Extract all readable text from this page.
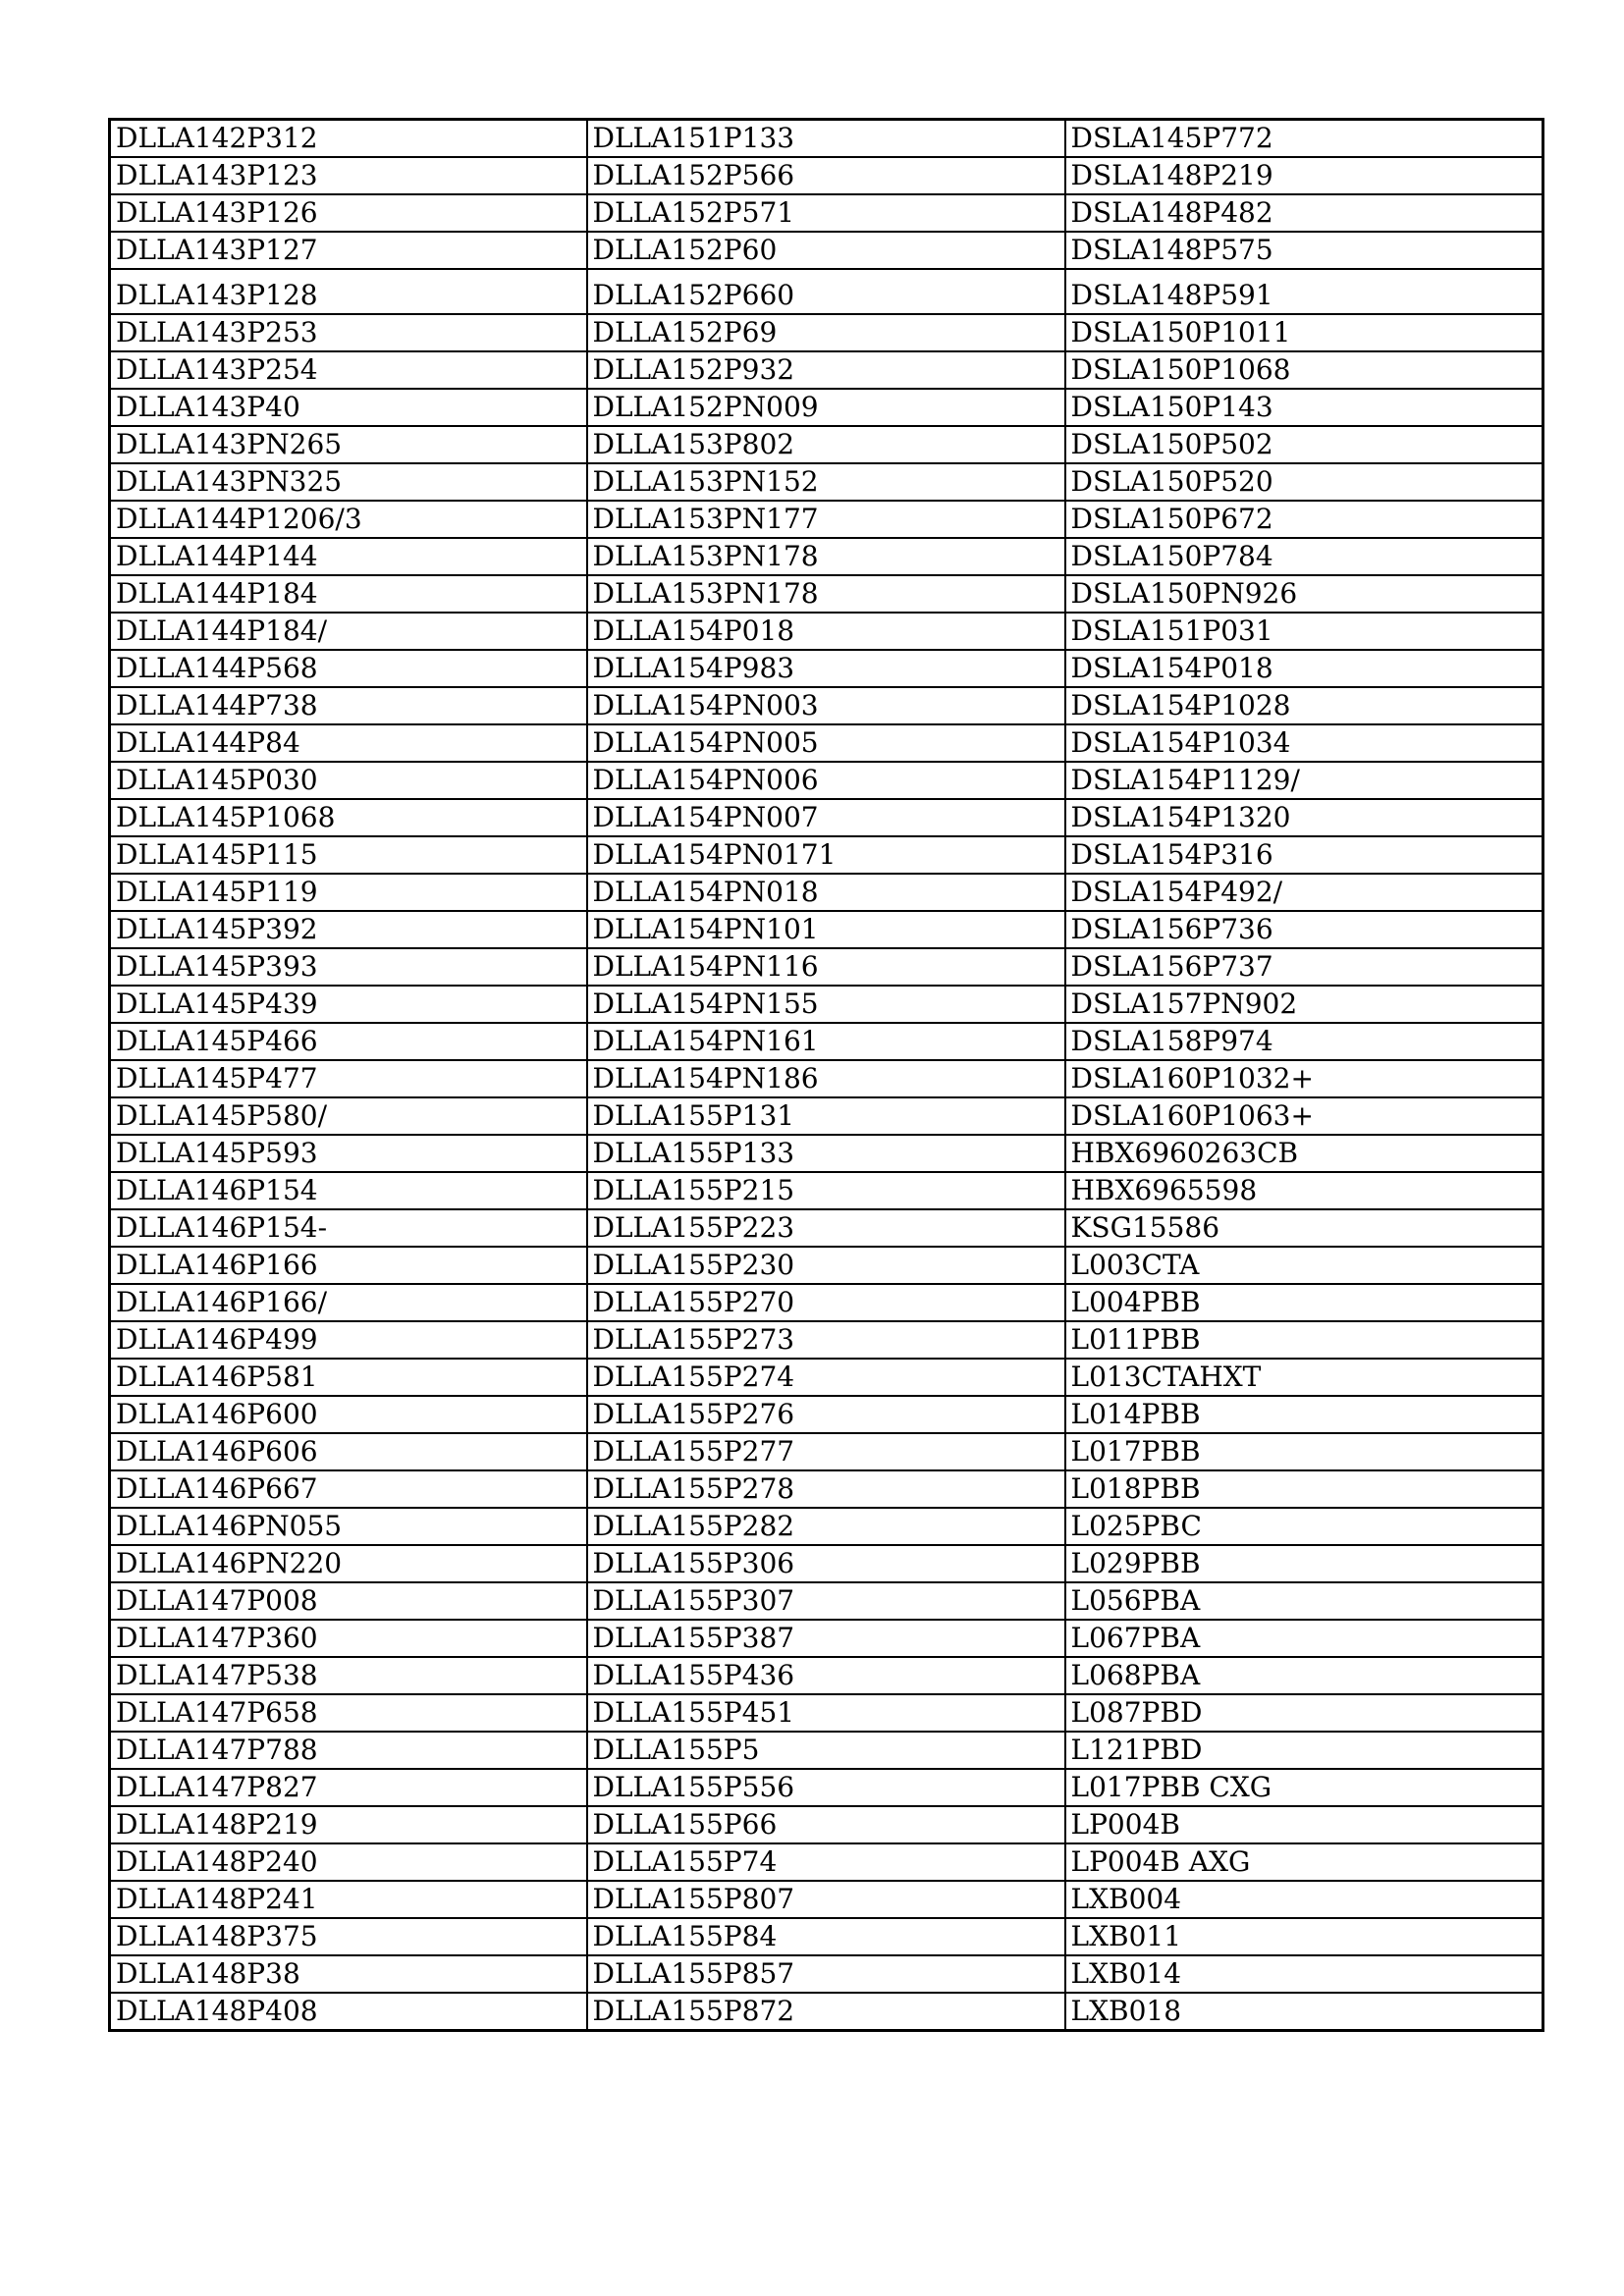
DLLA142P312	DLLA151P133	DSLA145P772
DLLA143P123	DLLA152P566	DSLA148P219
DLLA143P126	DLLA152P571	DSLA148P482
DLLA143P127	DLLA152P60	DSLA148P575
DLLA143P128	DLLA152P660	DSLA148P591
DLLA143P253	DLLA152P69	DSLA150P1011
DLLA143P254	DLLA152P932	DSLA150P1068
DLLA143P40	DLLA152PN009	DSLA150P143
DLLA143PN265	DLLA153P802	DSLA150P502
DLLA143PN325	DLLA153PN152	DSLA150P520
DLLA144P1206/3	DLLA153PN177	DSLA150P672
DLLA144P144	DLLA153PN178	DSLA150P784
DLLA144P184	DLLA153PN178	DSLA150PN926
DLLA144P184/	DLLA154P018	DSLA151P031
DLLA144P568	DLLA154P983	DSLA154P018
DLLA144P738	DLLA154PN003	DSLA154P1028
DLLA144P84	DLLA154PN005	DSLA154P1034
DLLA145P030	DLLA154PN006	DSLA154P1129/
DLLA145P1068	DLLA154PN007	DSLA154P1320
DLLA145P115	DLLA154PN0171	DSLA154P316
DLLA145P119	DLLA154PN018	DSLA154P492/
DLLA145P392	DLLA154PN101	DSLA156P736
DLLA145P393	DLLA154PN116	DSLA156P737
DLLA145P439	DLLA154PN155	DSLA157PN902
DLLA145P466	DLLA154PN161	DSLA158P974
DLLA145P477	DLLA154PN186	DSLA160P1032+
DLLA145P580/	DLLA155P131	DSLA160P1063+
DLLA145P593	DLLA155P133	HBX6960263CB
DLLA146P154	DLLA155P215	HBX6965598
DLLA146P154-	DLLA155P223	KSG15586
DLLA146P166	DLLA155P230	L003CTA
DLLA146P166/	DLLA155P270	L004PBB
DLLA146P499	DLLA155P273	L011PBB
DLLA146P581	DLLA155P274	L013CTAHXT
DLLA146P600	DLLA155P276	L014PBB
DLLA146P606	DLLA155P277	L017PBB
DLLA146P667	DLLA155P278	L018PBB
DLLA146PN055	DLLA155P282	L025PBC
DLLA146PN220	DLLA155P306	L029PBB
DLLA147P008	DLLA155P307	L056PBA
DLLA147P360	DLLA155P387	L067PBA
DLLA147P538	DLLA155P436	L068PBA
DLLA147P658	DLLA155P451	L087PBD
DLLA147P788	DLLA155P5	L121PBD
DLLA147P827	DLLA155P556	L017PBB CXG
DLLA148P219	DLLA155P66	LP004B
DLLA148P240	DLLA155P74	LP004B AXG
DLLA148P241	DLLA155P807	LXB004
DLLA148P375	DLLA155P84	LXB011
DLLA148P38	DLLA155P857	LXB014
DLLA148P408	DLLA155P872	LXB018
